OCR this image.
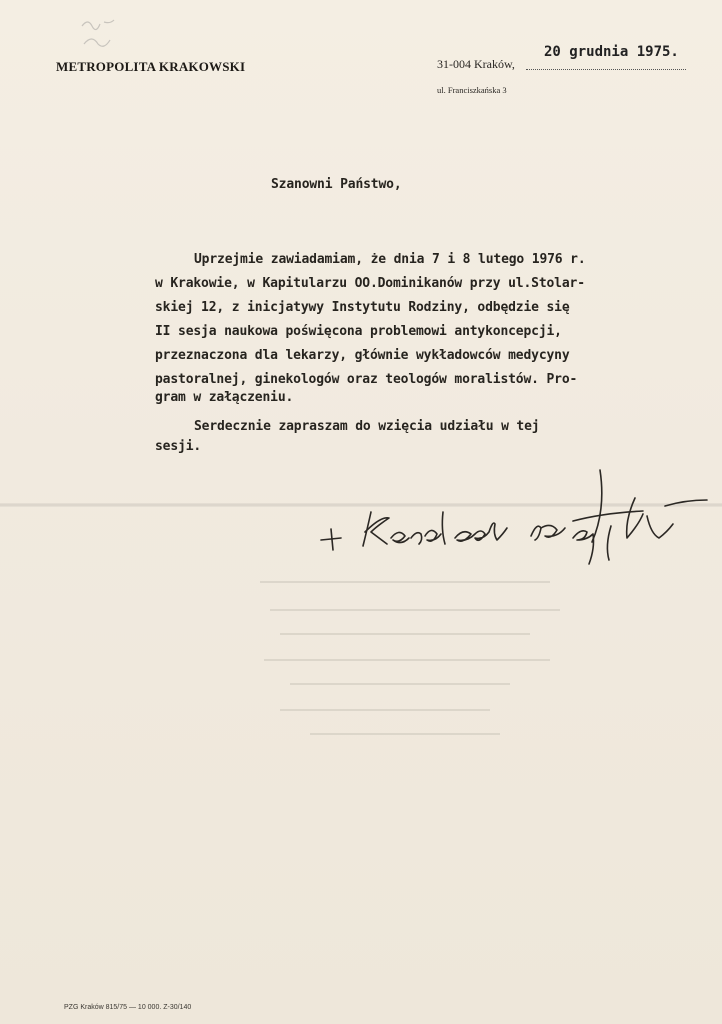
METROPOLITA KRAKOWSKI	31-004 Kraków,
ul. Franciszkańska 3
20 grudnia 1975.
Szanowni Państwo,
Uprzejmie zawiadamiam, że dnia 7 i 8 lutego 1976 r.
w Krakowie, w Kapitularzu OO.Dominikanów przy ul.Stolar-
skiej 12, z inicjatywy Instytutu Rodziny, odbędzie się
II sesja naukowa poświęcona problemowi antykoncepcji,
przeznaczona dla lekarzy, głównie wykładowców medycyny
pastoralnej, ginekologów oraz teologów moralistów. Pro-
gram w załączeniu.
Serdecznie zapraszam do wzięcia udziału w tej
sesji.
PZG Kraków 815/75 — 10 000. Z-30/140
